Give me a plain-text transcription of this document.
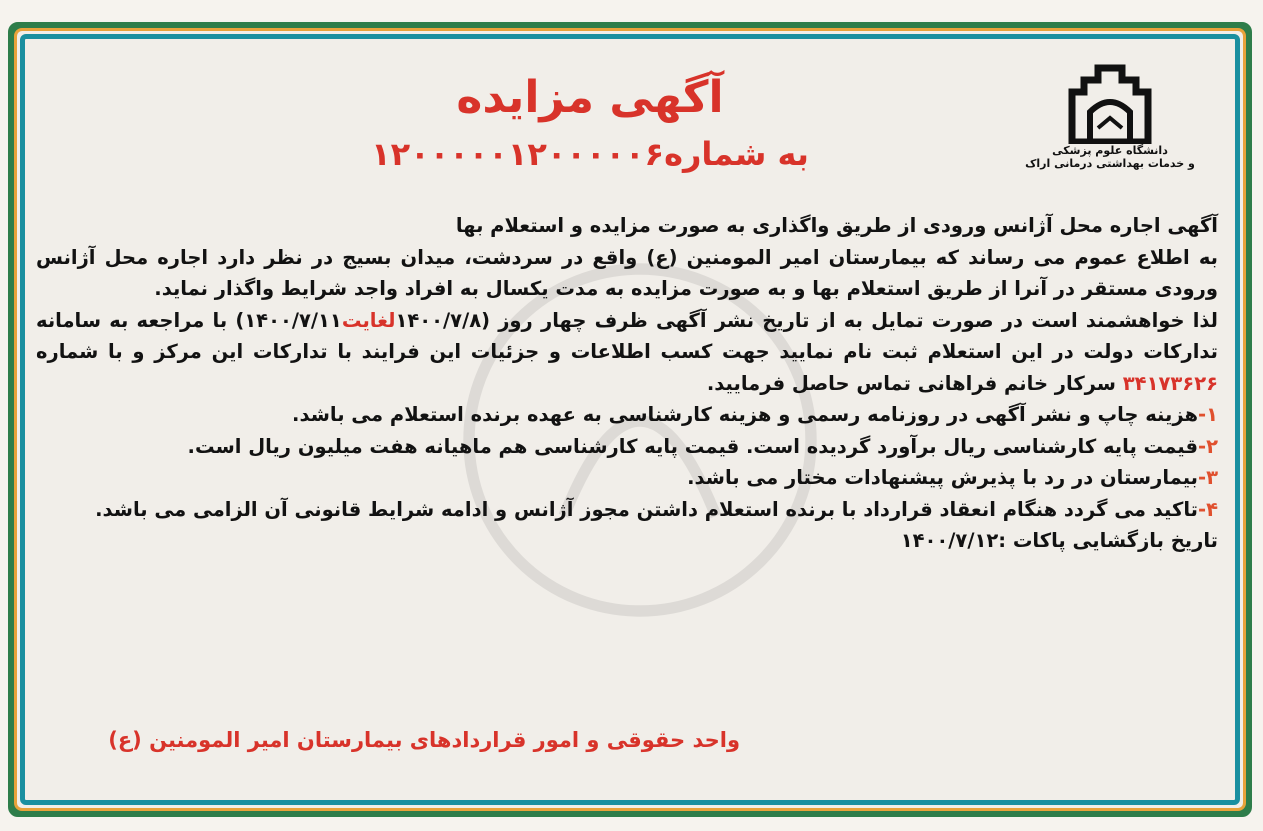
دانشگاه علوم پزشکی
و خدمات بهداشتی درمانی اراک
آگهی مزایده
به شماره۱۲۰۰۰۰۰۱۲۰۰۰۰۰۶

آگهی اجاره محل آژانس ورودی از طریق واگذاری به صورت مزایده و استعلام بها

به اطلاع عموم می رساند که بیمارستان امیر المومنین (ع) واقع در سردشت، میدان بسیج در نظر دارد اجاره محل آژانس ورودی مستقر در آنرا از طریق استعلام بها و به صورت مزایده به مدت یکسال به افراد واجد شرایط واگذار نماید.

لذا خواهشمند است در صورت تمایل به از تاریخ نشر آگهی ظرف چهار روز (۱۴۰۰/۷/۸لغایت۱۴۰۰/۷/۱۱) با مراجعه به سامانه تدارکات دولت در این استعلام ثبت نام نمایید جهت کسب اطلاعات و جزئیات این فرایند با تدارکات این مرکز و با شماره ۳۴۱۷۳۶۲۶ سرکار خانم فراهانی تماس حاصل فرمایید.

۱-هزینه چاپ و نشر آگهی در روزنامه رسمی و هزینه کارشناسی به عهده برنده استعلام می باشد.

۲-قیمت پایه کارشناسی ریال برآورد گردیده است. قیمت پایه کارشناسی هم ماهیانه هفت میلیون ریال است.

۳-بیمارستان در رد با پذیرش پیشنهادات مختار می باشد.

۴-تاکید می گردد هنگام انعقاد قرارداد با برنده استعلام داشتن مجوز آژانس و ادامه شرایط قانونی آن الزامی می باشد.

تاریخ بازگشایی پاکات :۱۴۰۰/۷/۱۲

واحد حقوقی و امور قراردادهای بیمارستان امیر المومنین (ع)
